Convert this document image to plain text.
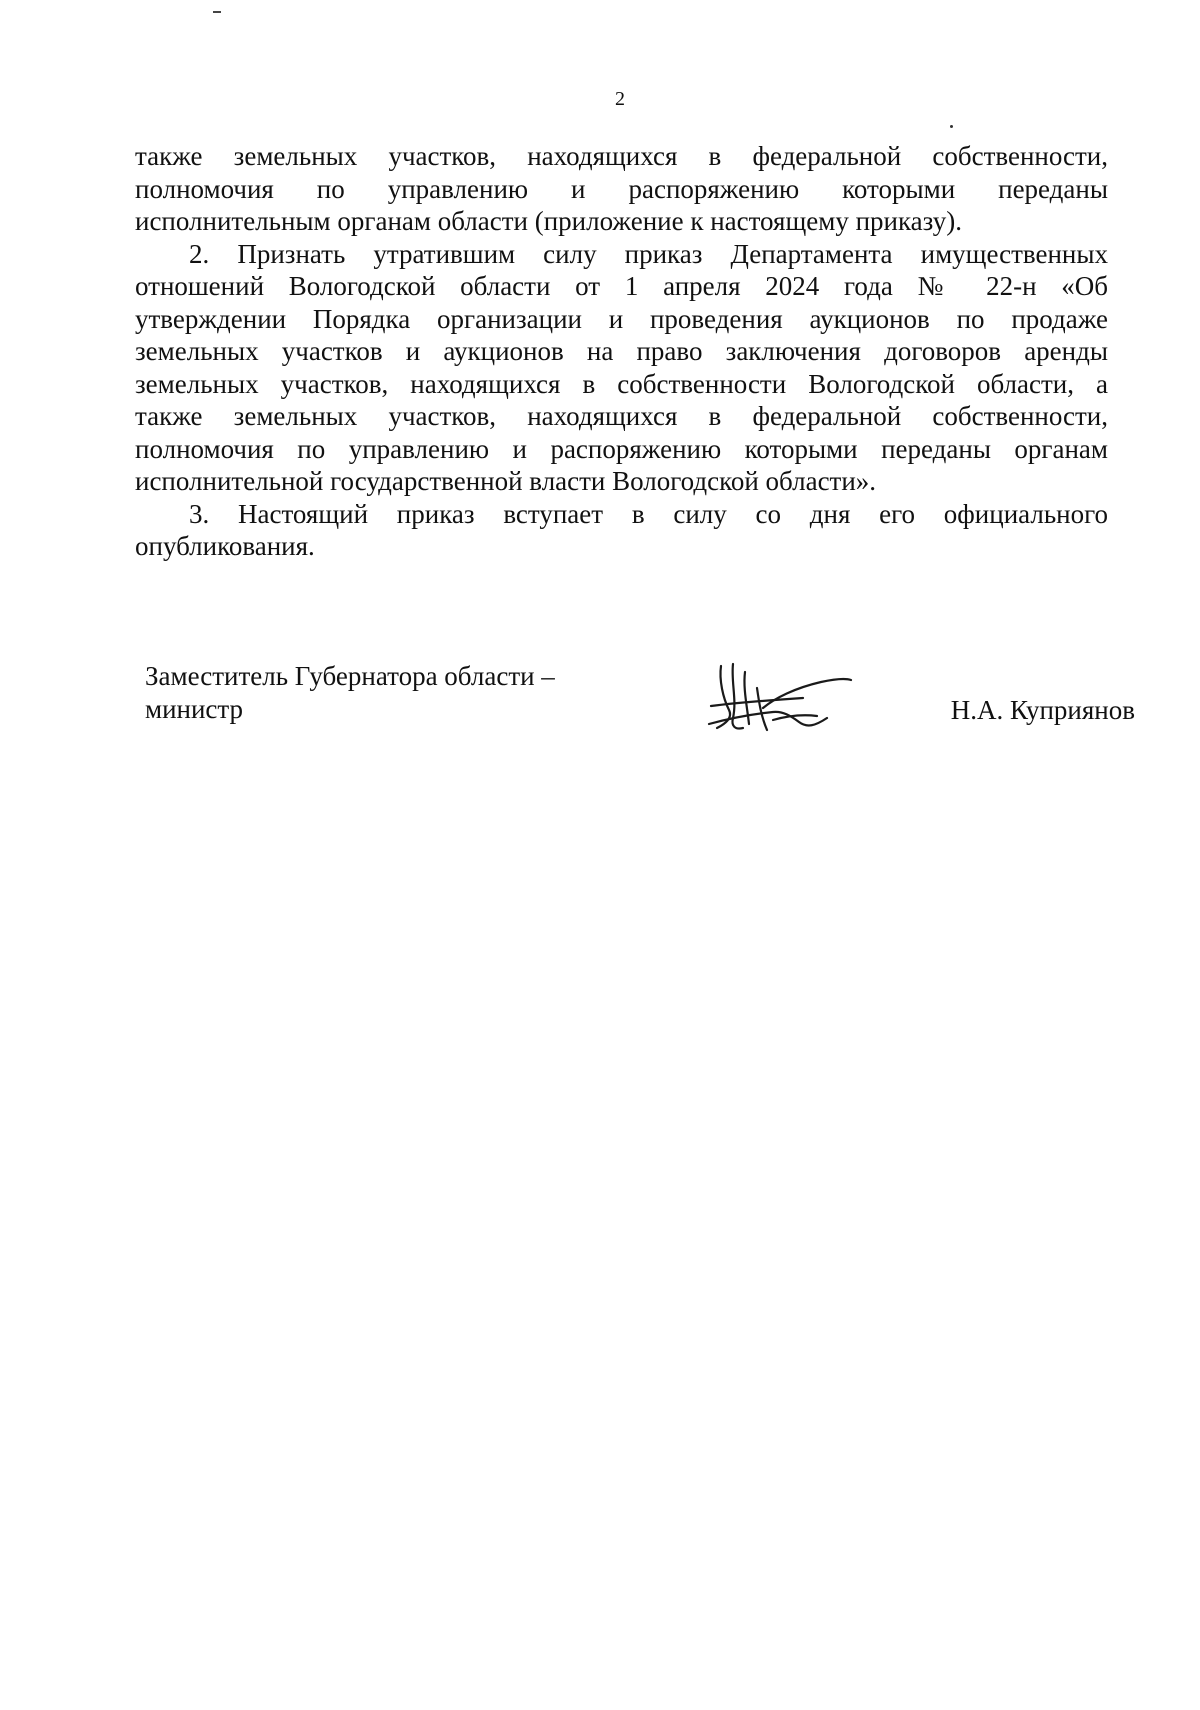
2
также земельных участков, находящихся в федеральной собственности,
полномочия по управлению и распоряжению которыми переданы
исполнительным органам области (приложение к настоящему приказу).
2. Признать утратившим силу приказ Департамента имущественных
отношений Вологодской области от 1 апреля 2024 года № 22-н «Об
утверждении Порядка организации и проведения аукционов по продаже
земельных участков и аукционов на право заключения договоров аренды
земельных участков, находящихся в собственности Вологодской области, а
также земельных участков, находящихся в федеральной собственности,
полномочия по управлению и распоряжению которыми переданы органам
исполнительной государственной власти Вологодской области».
3. Настоящий приказ вступает в силу со дня его официального
опубликования.
Заместитель Губернатора области –
министр	Н.А. Куприянов
